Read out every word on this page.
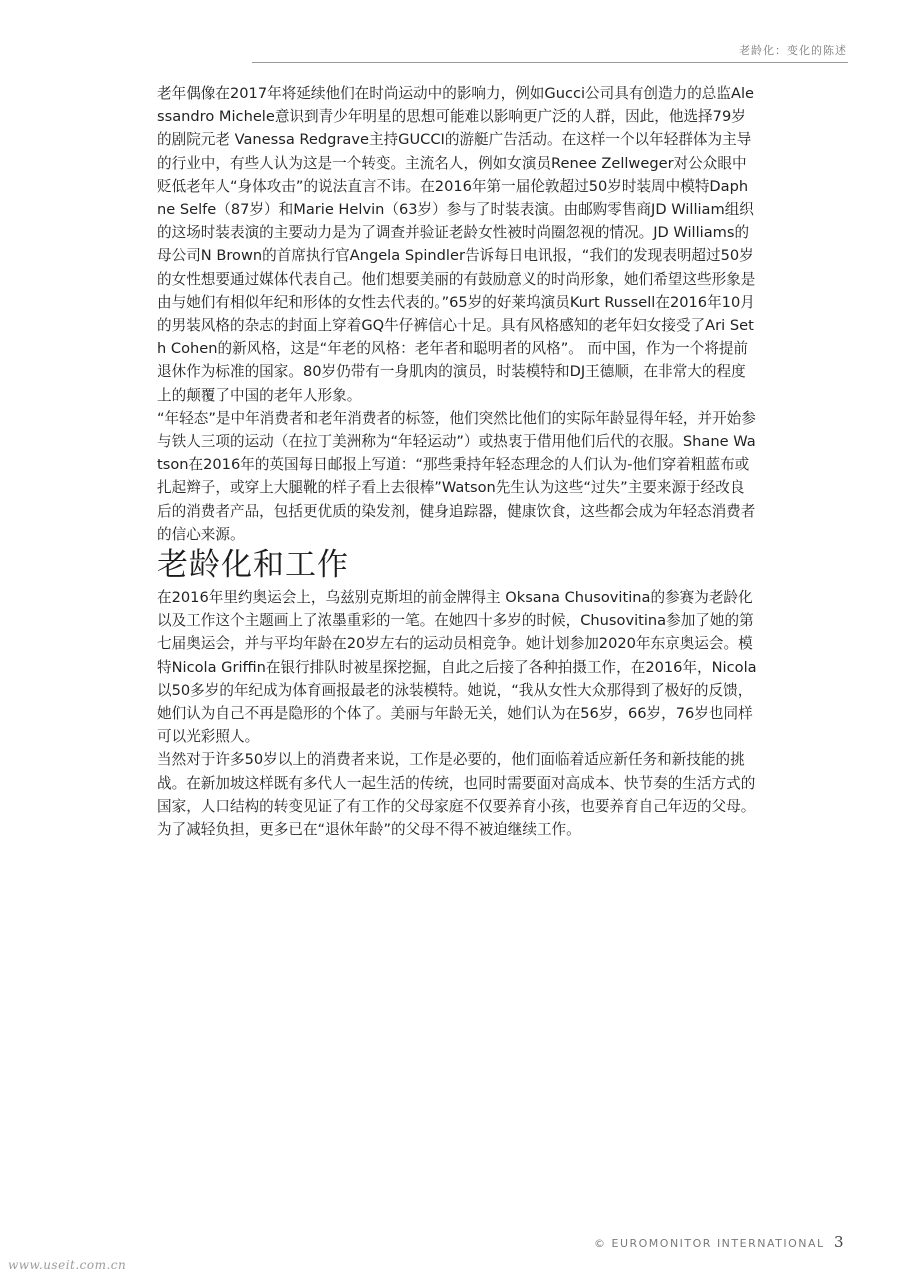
老龄化：变化的陈述

老年偶像在2017年将延续他们在时尚运动中的影响力，例如Gucci公司具有创造力的总监Alessandro Michele意识到青少年明星的思想可能难以影响更广泛的人群，因此，他选择79岁的剧院元老 Vanessa Redgrave主持GUCCI的游艇广告活动。在这样一个以年轻群体为主导的行业中，有些人认为这是一个转变。主流名人，例如女演员Renee Zellweger对公众眼中贬低老年人“身体攻击”的说法直言不讳。在2016年第一届伦敦超过50岁时装周中模特Daphne Selfe（87岁）和Marie Helvin（63岁）参与了时装表演。由邮购零售商JD William组织的这场时装表演的主要动力是为了调查并验证老龄女性被时尚圈忽视的情况。JD Williams的母公司N Brown的首席执行官Angela Spindler告诉每日电讯报，“我们的发现表明超过50岁的女性想要通过媒体代表自己。他们想要美丽的有鼓励意义的时尚形象，她们希望这些形象是由与她们有相似年纪和形体的女性去代表的。”65岁的好莱坞演员Kurt Russell在2016年10月的男装风格的杂志的封面上穿着GQ牛仔裤信心十足。具有风格感知的老年妇女接受了Ari Seth Cohen的新风格，这是“年老的风格：老年者和聪明者的风格”。 而中国，作为一个将提前退休作为标准的国家。80岁仍带有一身肌肉的演员，时装模特和DJ王德顺，在非常大的程度上的颠覆了中国的老年人形象。

“年轻态”是中年消费者和老年消费者的标签，他们突然比他们的实际年龄显得年轻，并开始参与铁人三项的运动（在拉丁美洲称为“年轻运动”）或热衷于借用他们后代的衣服。Shane Watson在2016年的英国每日邮报上写道：“那些秉持年轻态理念的人们认为-他们穿着粗蓝布或扎起辫子，或穿上大腿靴的样子看上去很棒”Watson先生认为这些“过失”主要来源于经改良后的消费者产品，包括更优质的染发剂，健身追踪器，健康饮食，这些都会成为年轻态消费者的信心来源。

老龄化和工作

在2016年里约奥运会上，乌兹别克斯坦的前金牌得主 Oksana Chusovitina的参赛为老龄化以及工作这个主题画上了浓墨重彩的一笔。在她四十多岁的时候，Chusovitina参加了她的第七届奥运会，并与平均年龄在20岁左右的运动员相竞争。她计划参加2020年东京奥运会。模特Nicola Griffin在银行排队时被星探挖掘，自此之后接了各种拍摄工作，在2016年，Nicola以50多岁的年纪成为体育画报最老的泳装模特。她说，“我从女性大众那得到了极好的反馈，她们认为自己不再是隐形的个体了。美丽与年龄无关，她们认为在56岁，66岁，76岁也同样可以光彩照人。

当然对于许多50岁以上的消费者来说，工作是必要的，他们面临着适应新任务和新技能的挑战。在新加坡这样既有多代人一起生活的传统，也同时需要面对高成本、快节奏的生活方式的国家，人口结构的转变见证了有工作的父母家庭不仅要养育小孩，也要养育自己年迈的父母。为了减轻负担，更多已在“退休年龄”的父母不得不被迫继续工作。

© EUROMONITOR INTERNATIONAL 3
www.useit.com.cn
